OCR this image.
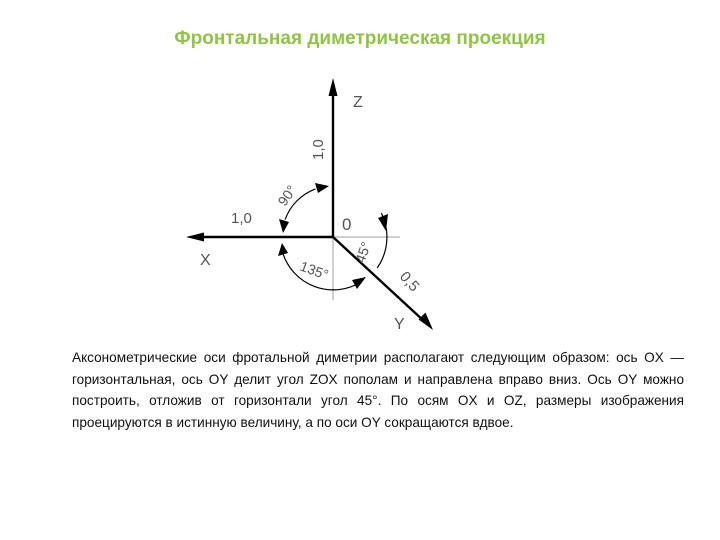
Фронтальная диметрическая проекция
Z
X
Y
0
1,0
1,0
0,5
90°
135°
45°

Аксонометрические оси фротальной диметрии располагают следующим образом: ось OX — горизонтальная, ось OY делит угол ZOX пополам и направлена вправо вниз. Ось OY можно построить, отложив от горизонтали угол 45°. По осям OX и OZ, размеры изображения проецируются в истинную величину, а по оси OY сокращаются вдвое.
